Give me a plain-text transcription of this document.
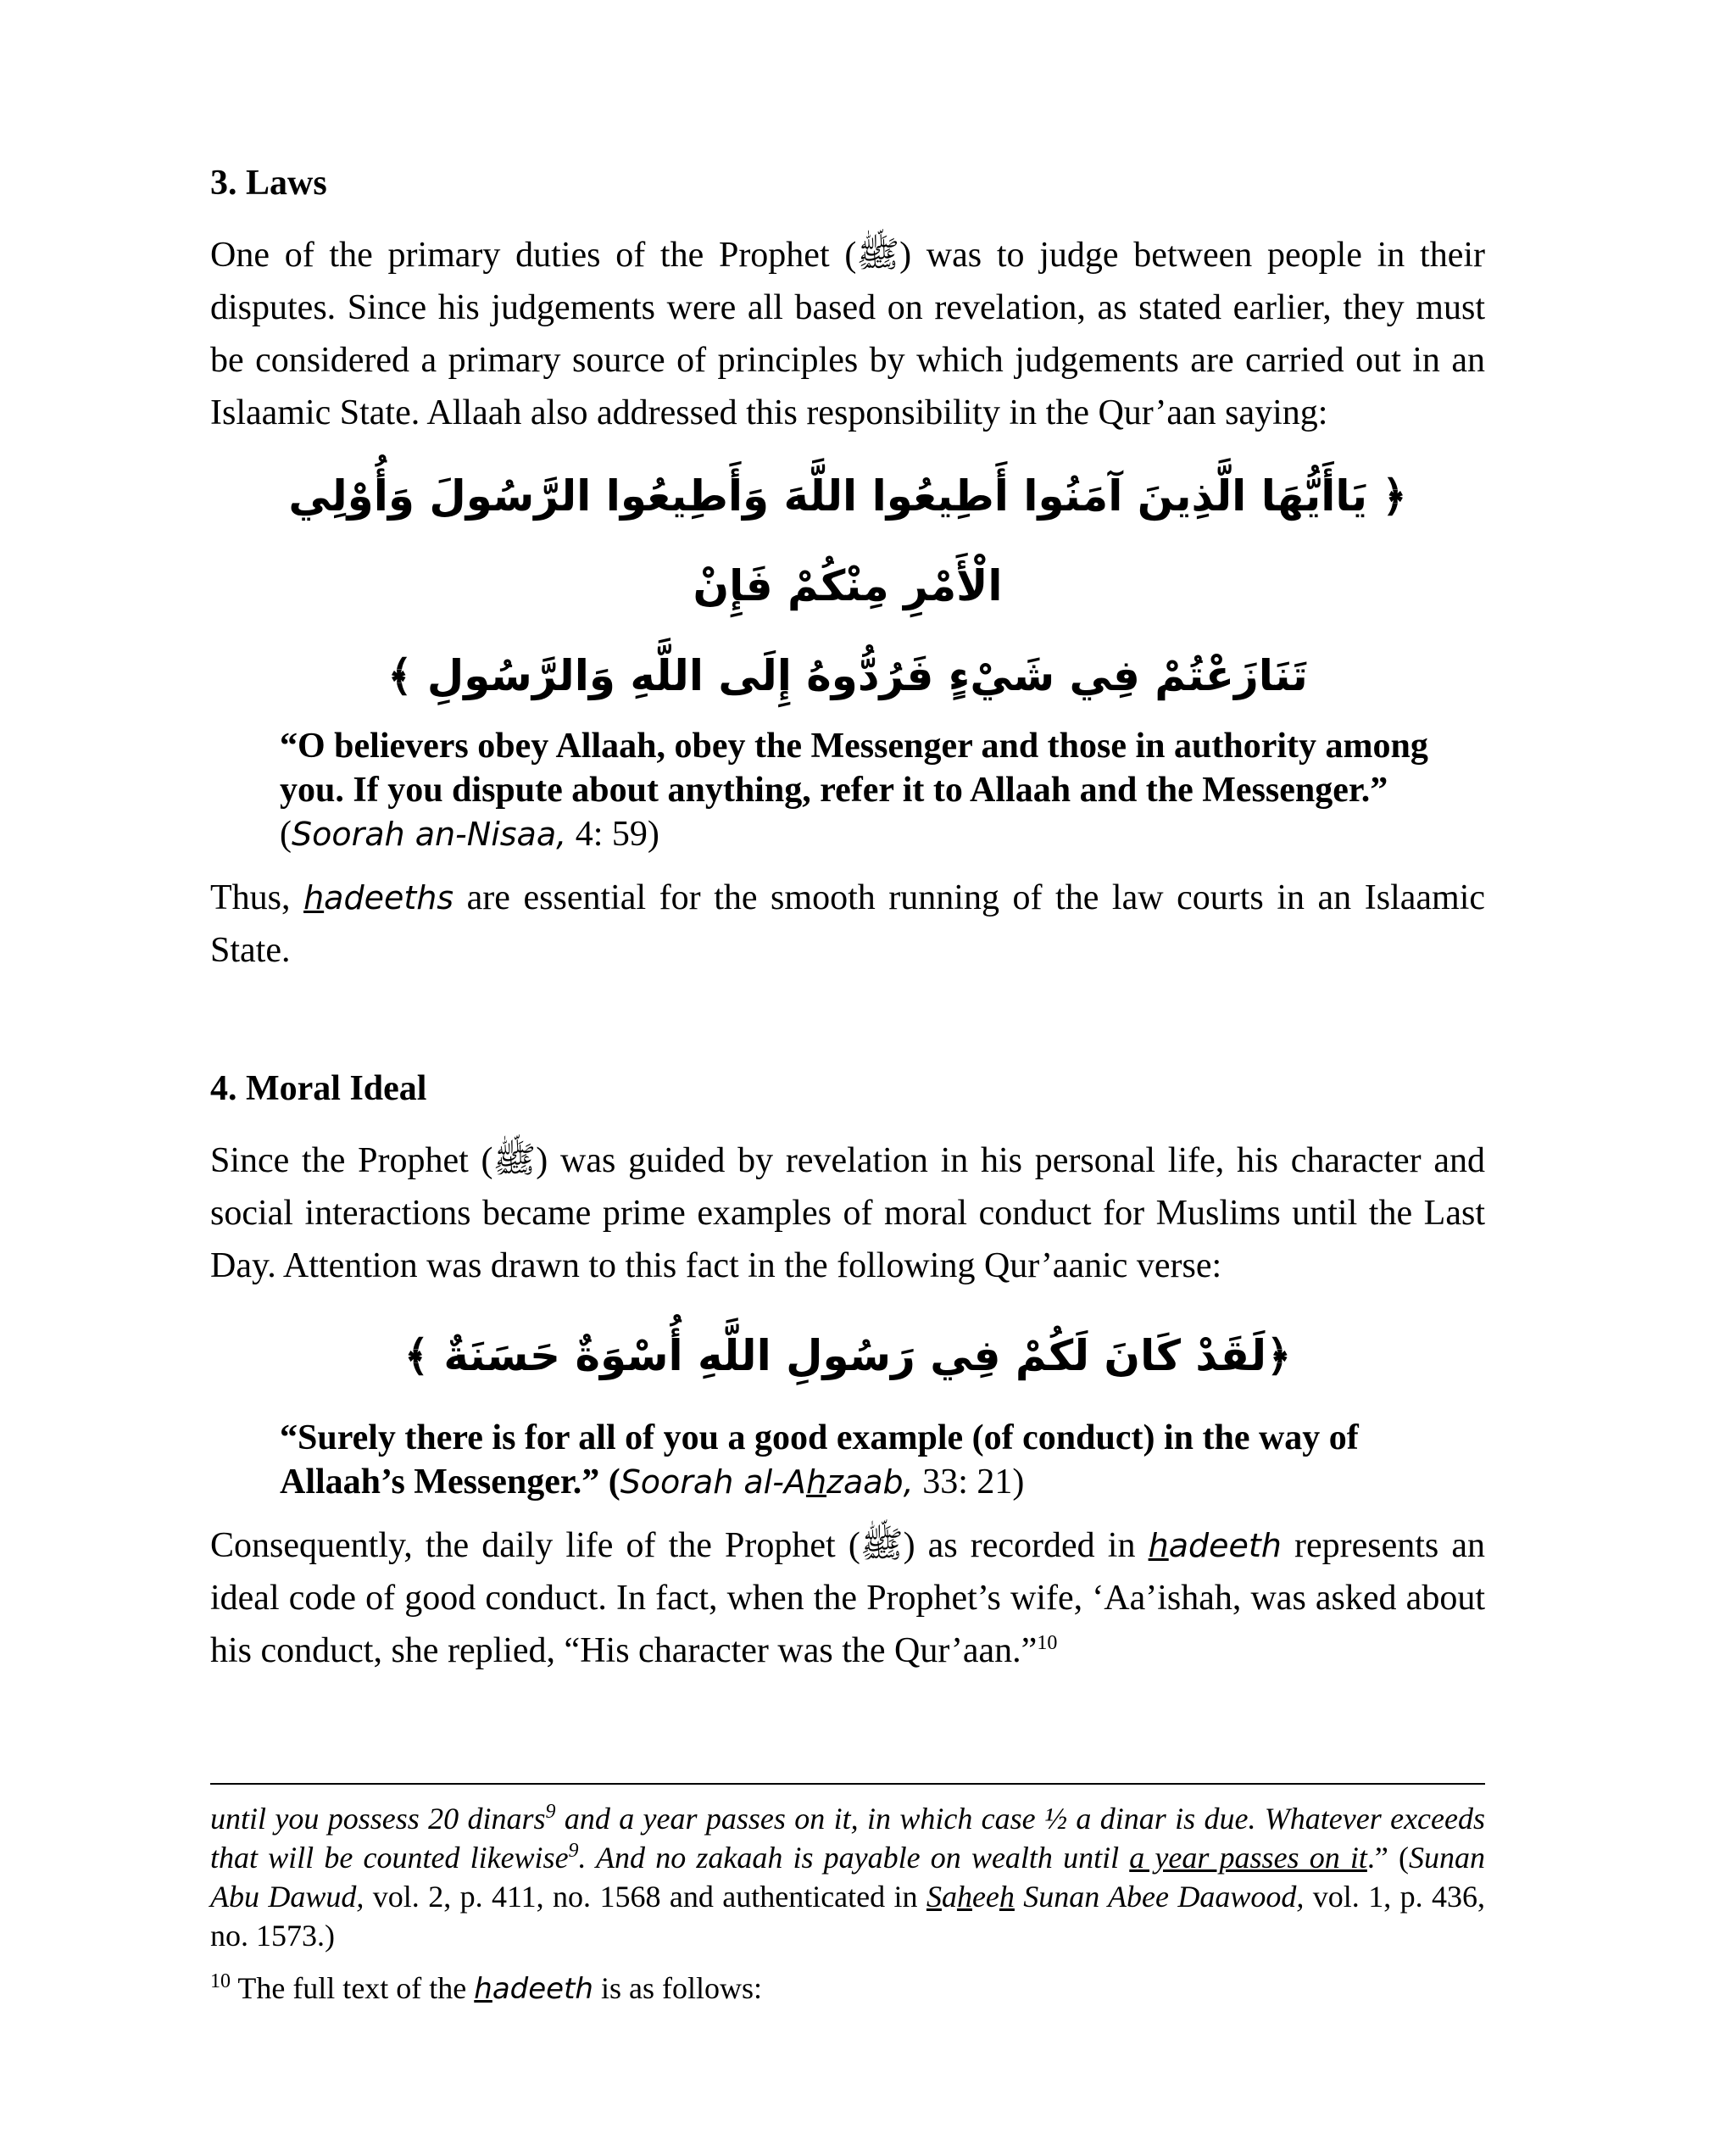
3. Laws

One of the primary duties of the Prophet (ﷺ) was to judge between people in their disputes. Since his judgements were all based on revelation, as stated earlier, they must be considered a primary source of principles by which judgements are carried out in an Islaamic State. Allaah also addressed this responsibility in the Qur’aan saying:

﴿ يَاأَيُّهَا الَّذِينَ آمَنُوا أَطِيعُوا اللَّهَ وَأَطِيعُوا الرَّسُولَ وَأُوْلِي الْأَمْرِ مِنْكُمْ فَإِنْ
تَنَازَعْتُمْ فِي شَيْءٍ فَرُدُّوهُ إِلَى اللَّهِ وَالرَّسُولِ ﴾
“O believers obey Allaah, obey the Messenger and those in authority among you. If you dispute about anything, refer it to Allaah and the Messenger.” (Soorah an-Nisaa, 4: 59)

Thus, hadeeths are essential for the smooth running of the law courts in an Islaamic State.

4. Moral Ideal

Since the Prophet (ﷺ) was guided by revelation in his personal life, his character and social interactions became prime examples of moral conduct for Muslims until the Last Day. Attention was drawn to this fact in the following Qur’aanic verse:

﴿لَقَدْ كَانَ لَكُمْ فِي رَسُولِ اللَّهِ أُسْوَةٌ حَسَنَةٌ ﴾
“Surely there is for all of you a good example (of conduct) in the way of Allaah’s Messenger.” (Soorah al-Ahzaab, 33: 21)

Consequently, the daily life of the Prophet (ﷺ) as recorded in hadeeth represents an ideal code of good conduct. In fact, when the Prophet’s wife, ‘Aa’ishah, was asked about his conduct, she replied, “His character was the Qur’aan.”$^{10}$

until you possess 20 dinars$^9$ and a year passes on it, in which case ½ a dinar is due. Whatever exceeds that will be counted likewise$^9$. And no zakaah is payable on wealth until a year passes on it.” (Sunan Abu Dawud, vol. 2, p. 411, no. 1568 and authenticated in Saheeh Sunan Abee Daawood, vol. 1, p. 436, no. 1573.)

$^{10}$ The full text of the hadeeth is as follows:
